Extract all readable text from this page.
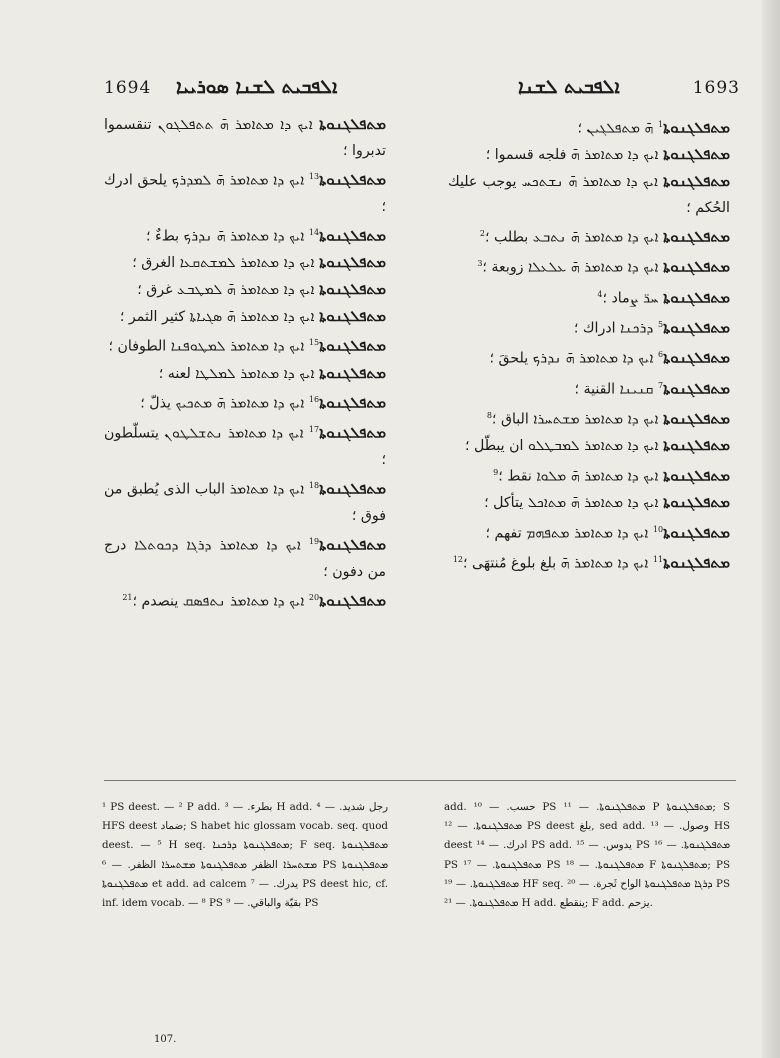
1694 ܐܠܦܒܝܬ ܠܫܢܐ ܣܘܪܝܝܐ	ܐܠܦܒܝܬ ܠܫܢܐ	1693
ܡܬܦܠܓܢܘܬܐ ܐܝܟ ܕܐ ܡܬܐܡܪ ܗ̄ ܬܬܦܠܓܘܢ تنقسموا تدبروا ؛
ܡܬܦܠܓܢܘܬܐ$^{13}$ ܐܝܟ ܕܐ ܡܬܐܡܪ ܗ̄ ܠܡܕܪܟ يلحق ادرك ؛
ܡܬܦܠܓܢܘܬܐ$^{14}$ ܐܝܟ ܕܐ ܡܬܐܡܪ ܗ̄ ܢܕܪܟ بطءٌ ؛
ܡܬܦܠܓܢܘܬܐ ܐܝܟ ܕܐ ܡܬܐܡܪ ܠܡܫܬܩܥܐ الغرق ؛
ܡܬܦܠܓܢܘܬܐ ܐܝܟ ܕܐ ܡܬܐܡܪ ܗ̄ ܠܡܛܒܥ غرق ؛
ܡܬܦܠܓܢܘܬܐ ܐܝܟ ܕܐ ܡܬܐܡܪ ܗ̄ ܣܓܝܐܬܐ كثير الثمر ؛
ܡܬܦܠܓܢܘܬܐ$^{15}$ ܐܝܟ ܕܐ ܡܬܐܡܪ ܠܡܛܘܦܢܐ الطوفان ؛
ܡܬܦܠܓܢܘܬܐ ܐܝܟ ܕܐ ܡܬܐܡܪ ܠܡܠܛܐ لعنه ؛
ܡܬܦܠܓܢܘܬܐ$^{16}$ ܐܝܟ ܕܐ ܡܬܐܡܪ ܗ̄ ܡܬܟܝܟ يذلّ ؛
ܡܬܦܠܓܢܘܬܐ$^{17}$ ܐܝܟ ܕܐ ܡܬܐܡܪ ܢܬܫܠܛܘܢ يتسلّطون ؛
ܡܬܦܠܓܢܘܬܐ$^{18}$ ܐܝܟ ܕܐ ܡܬܐܡܪ الباب الذى يُطبق من فوق ؛
ܡܬܦܠܓܢܘܬܐ$^{19}$ ܐܝܟ ܕܐ ܡܬܐܡܪ ܕܪܓܐ ܕܟܘܬܠܐ درج من دفون ؛
ܡܬܦܠܓܢܘܬܐ$^{20}$ ܐܝܟ ܕܐ ܡܬܐܡܪ ܢܬܦܣܩ ينصدم ؛$^{21}$
ܡܬܦܠܓܢܘܬܐ$^1$ ܗ̄ ܡܬܦܠܓܝܢ ؛
ܡܬܦܠܓܢܘܬܐ ܐܝܟ ܕܐ ܡܬܐܡܪ ܗ̄ فلجه قسموا ؛
ܡܬܦܠܓܢܘܬܐ ܐܝܟ ܕܐ ܡܬܐܡܪ ܗ̄ ܢܫܬܟܚ يوجب عليك الحُكم ؛
ܡܬܦܠܓܢܘܬܐ ܐܝܟ ܕܐ ܡܬܐܡܪ ܗ̄ ܢܬܒܥ بطلب ؛$^2$
ܡܬܦܠܓܢܘܬܐ ܐܝܟ ܕܐ ܡܬܐܡܪ ܗ̄ ܥܠܥܠܐ زوبعة ؛$^3$
ܡܬܦܠܓܢܘܬܐ ܚܪ̈ ܨماد ؛$^4$
ܡܬܦܠܓܢܘܬܐ$^5$ ܕܪܟܢܐ ادراك ؛
ܡܬܦܠܓܢܘܬܐ$^6$ ܐܝܟ ܕܐ ܡܬܐܡܪ ܗ̄ ܢܕܪܟ يلحقَ ؛
ܡܬܦܠܓܢܘܬܐ$^7$ ܩܢܝܢܐ القنية ؛
ܡܬܦܠܓܢܘܬܐ ܐܝܟ ܕܐ ܡܬܐܡܪ ܡܫܬܚܪܐ الباق ؛$^8$
ܡܬܦܠܓܢܘܬܐ ܐܝܟ ܕܐ ܡܬܐܡܪ ܠܡܒܛܠܘ ان يبطّل ؛
ܡܬܦܠܓܢܘܬܐ ܐܝܟ ܕܐ ܡܬܐܡܪ ܗ̄ ܡܠܘܐ نقط ؛$^9$
ܡܬܦܠܓܢܘܬܐ ܐܝܟ ܕܐ ܡܬܐܡܪ ܗ̄ ܡܬܐܟܠ يتأكل ؛
ܡܬܦܠܓܢܘܬܐ$^{10}$ ܐܝܟ ܕܐ ܡܬܐܡܪ ܡܬܦܗܡ تفهم ؛
ܡܬܦܠܓܢܘܬܐ$^{11}$ ܐܝܟ ܕܐ ܡܬܐܡܪ ܗ̄ بلغ بلوغ مُنتهَى ؛$^{12}$
¹ PS deest. — ² P add. بطرء. — ³ H add. رجل شديد. — ⁴ HFS deest ضماد; S habet hic glossam vocab. seq. quod deest. — ⁵ H seq. ܡܬܦܠܓܢܘܬܐ ܕܪܟܢܐ; F seq. ܡܬܦܠܓܢܘܬܐ ܡܫܬܚܪܐ الظفر ܡܬܦܠܓܢܘܬܐ ܡܫܬܚܪܐ الظفر. — ⁶ PS ܡܬܦܠܓܢܘܬܐ ܡܬܦܠܓܢܘܬܐ et add. ad calcem يدرك. — ⁷ PS deest hic, cf. inf. idem vocab. — ⁸ PS بقيّة والباقي. — ⁹ PS
add. حسب. — ¹⁰ PS ܡܬܦܠܓܢܘܬܐ. — ¹¹ P ܡܬܦܠܓܢܘܬܐ; S ܡܬܦܠܓܢܘܬܐ. — ¹² PS deest بلغ, sed add. وصول. — ¹³ HS deest ادرك. — ¹⁴ PS add. يدوس. — ¹⁵ PS ܡܬܦܠܓܢܘܬܐ. — ¹⁶ PS ܡܬܦܠܓܢܘܬܐ. — ¹⁷ PS ܡܬܦܠܓܢܘܬܐ. — ¹⁸ F ܡܬܦܠܓܢܘܬܐ; PS ܡܬܦܠܓܢܘܬܐ. — ¹⁹ HF seq. ܕܪܓܐ ܡܬܦܠܓܢܘܬܐ الواح ثَجرة. — ²⁰ PS ܡܬܦܠܓܢܘܬܐ. — ²¹ H add. ينقطع; F add. يزحم.
107.
